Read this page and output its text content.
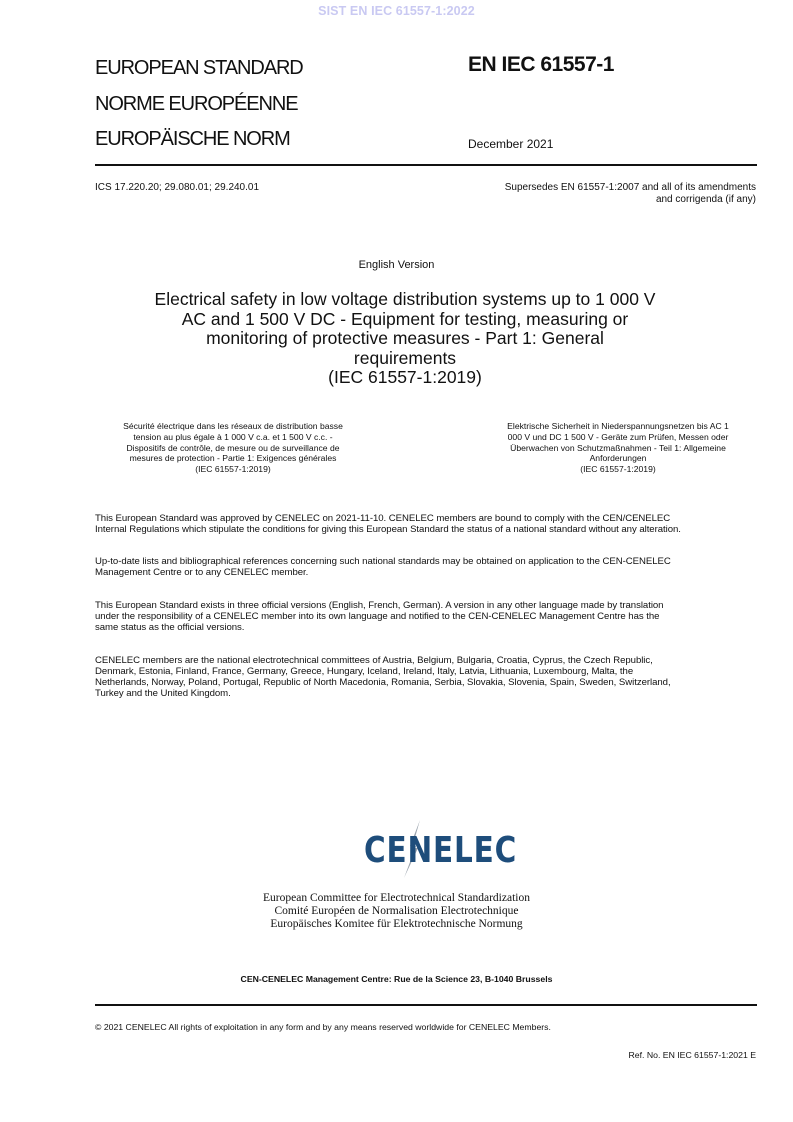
SIST EN IEC 61557-1:2022
EUROPEAN STANDARD
NORME EUROPÉENNE
EUROPÄISCHE NORM
EN IEC 61557-1
December 2021
ICS 17.220.20; 29.080.01; 29.240.01	Supersedes EN 61557-1:2007 and all of its amendments
and corrigenda (if any)
English Version
Electrical safety in low voltage distribution systems up to 1 000 V
AC and 1 500 V DC - Equipment for testing, measuring or
monitoring of protective measures - Part 1: General
requirements
(IEC 61557-1:2019)
Sécurité électrique dans les réseaux de distribution basse
tension au plus égale à 1 000 V c.a. et 1 500 V c.c. -
Dispositifs de contrôle, de mesure ou de surveillance de
mesures de protection - Partie 1: Exigences générales
(IEC 61557-1:2019)
Elektrische Sicherheit in Niederspannungsnetzen bis AC 1
000 V und DC 1 500 V - Geräte zum Prüfen, Messen oder
Überwachen von Schutzmaßnahmen - Teil 1: Allgemeine
Anforderungen
(IEC 61557-1:2019)
This European Standard was approved by CENELEC on 2021-11-10. CENELEC members are bound to comply with the CEN/CENELEC
Internal Regulations which stipulate the conditions for giving this European Standard the status of a national standard without any alteration.
Up-to-date lists and bibliographical references concerning such national standards may be obtained on application to the CEN-CENELEC
Management Centre or to any CENELEC member.
This European Standard exists in three official versions (English, French, German). A version in any other language made by translation
under the responsibility of a CENELEC member into its own language and notified to the CEN-CENELEC Management Centre has the
same status as the official versions.
CENELEC members are the national electrotechnical committees of Austria, Belgium, Bulgaria, Croatia, Cyprus, the Czech Republic,
Denmark, Estonia, Finland, France, Germany, Greece, Hungary, Iceland, Ireland, Italy, Latvia, Lithuania, Luxembourg, Malta, the
Netherlands, Norway, Poland, Portugal, Republic of North Macedonia, Romania, Serbia, Slovakia, Slovenia, Spain, Sweden, Switzerland,
Turkey and the United Kingdom.
CENELEC
European Committee for Electrotechnical Standardization
Comité Européen de Normalisation Electrotechnique
Europäisches Komitee für Elektrotechnische Normung
CEN-CENELEC Management Centre: Rue de la Science 23, B-1040 Brussels
© 2021 CENELEC All rights of exploitation in any form and by any means reserved worldwide for CENELEC Members.
Ref. No. EN IEC 61557-1:2021 E
